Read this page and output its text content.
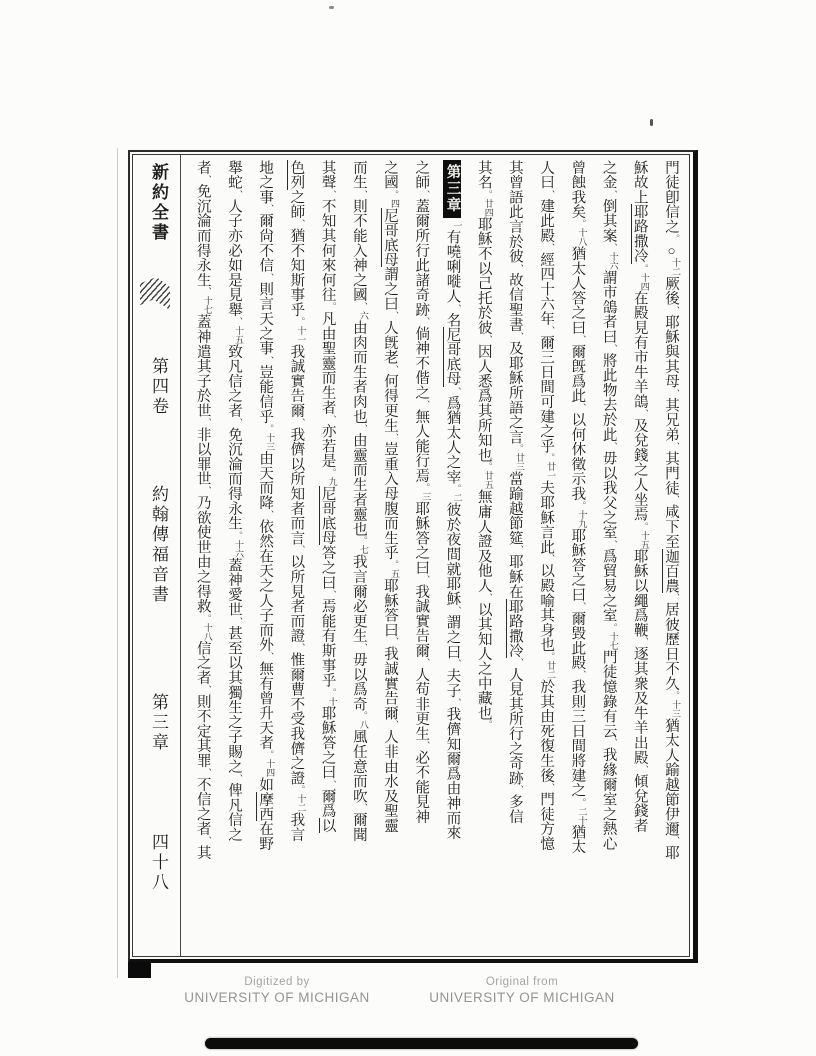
新約全書
第四卷
約翰傳福音書
第三章
四十八
門徒卽信之。○十二厥後、耶穌與其母、其兄弟、其門徒、咸下至迦百農、居彼歷日不久。十三猶太人踰越節伊邇、耶
穌故上耶路撒冷。十四在殿見有市牛羊鴿、及兌錢之人坐焉。十五耶穌以繩爲鞭、逐其衆及牛羊出殿、傾兌錢者
之金、倒其案、十六謂市鴿者曰、將此物去於此、毋以我父之室、爲貿易之室。十七門徒憶錄有云、我緣爾室之熱心
曾蝕我矣。十八猶太人答之曰、爾旣爲此、以何休徵示我。十九耶穌答之曰、爾毀此殿、我則三日間將建之。二十猶太
人曰、建此殿、經四十六年、爾三日間可建之乎。廿一夫耶穌言此、以殿喻其身也。廿二於其由死復生後、門徒方憶
其曾語此言於彼、故信聖書、及耶穌所語之言。廿三當踰越節筵、耶穌在耶路撒冷、人見其所行之奇跡、多信
其名。廿四耶穌不以己托於彼、因人悉爲其所知也。廿五無庸人證及他人、以其知人之中藏也。
第三章一有嘵唎嘥人、名尼哥底母、爲猶太人之宰。二彼於夜間就耶穌、謂之曰、夫子、我儕知爾爲由神而來
之師、蓋爾所行此諸奇跡、倘神不偕之、無人能行焉。三耶穌答之曰、我誠實告爾、人苟非更生、必不能見神
之國。四尼哥底母謂之曰、人旣老、何得更生、豈重入母腹而生乎。五耶穌答曰、我誠實告爾、人非由水及聖靈
而生、則不能入神之國、六由肉而生者肉也、由靈而生者靈也。七我言爾必更生、毋以爲奇。八風任意而吹、爾聞
其聲、不知其何來何往。凡由聖靈而生者、亦若是。九尼哥底母答之曰、焉能有斯事乎。十耶穌答之曰、爾爲以
色列之師、猶不知斯事乎。十一我誠實告爾、我儕以所知者而言、以所見者而證、惟爾曹不受我儕之證。十二我言
地之事、爾尙不信、則言天之事、豈能信乎。十三由天而降、依然在天之人子而外、無有曾升天者。十四如摩西在野
舉蛇、人子亦必如是見舉、十五致凡信之者、免沉淪而得永生。十六蓋神愛世、甚至以其獨生之子賜之、俾凡信之
者、免沉淪而得永生、十七蓋神遣其子於世、非以罪世、乃欲使世由之得救。十八信之者、則不定其罪、不信之者、其
Digitized by
UNIVERSITY OF MICHIGAN
Original from
UNIVERSITY OF MICHIGAN
